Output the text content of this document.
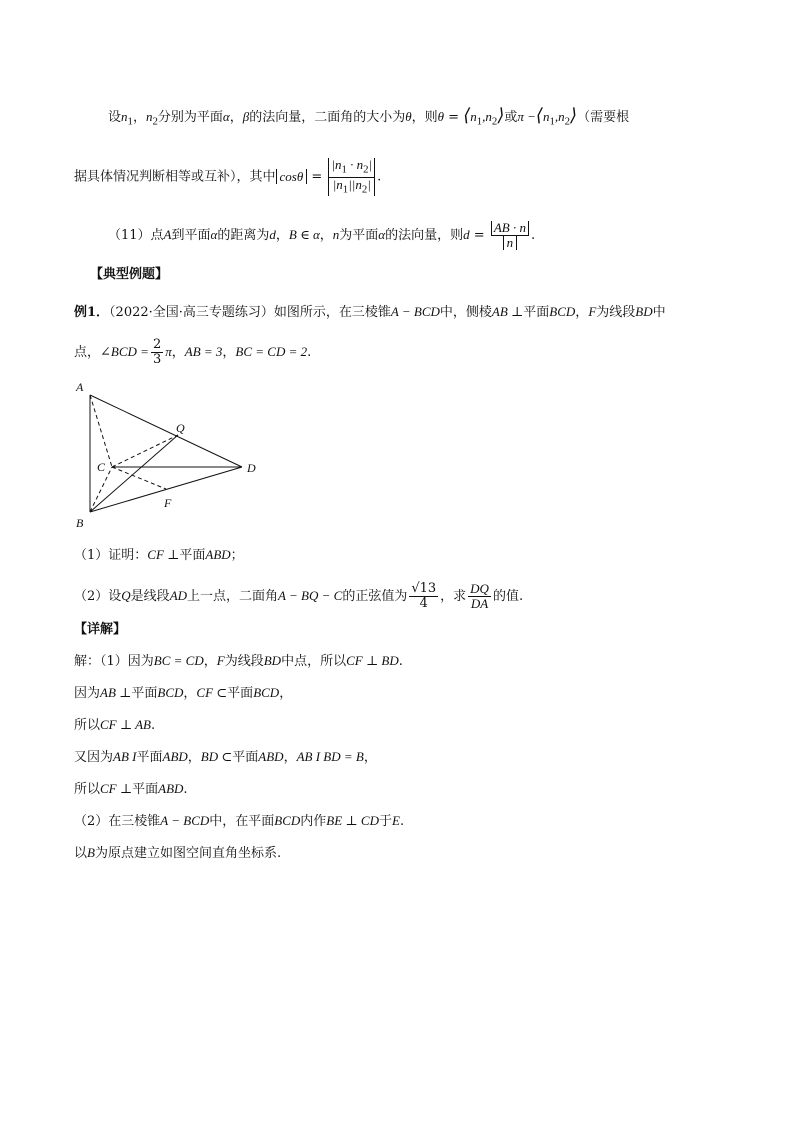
设$n_1$，$n_2$分别为平面α，β的法向量，二面角的大小为θ，则$\theta = ⟨n_1,n_2⟩$或$\pi -⟨n_1,n_2⟩$（需要根
据具体情况判断相等或互补），其中 $\cos\theta = \frac{|n_1 \cdot n_2|}{|n_1||n_2|}$ .
（11）点A到平面α的距离为d，B ∈ α，n为平面α的法向量，则$d = \frac{AB \cdot n}{n}$ .
【典型例题】
例1．（2022·全国·高三专题练习）如图所示，在三棱锥A − BCD中，侧棱AB ⊥平面BCD，F为线段BD中
点，∠BCD = $\frac{2}{3}$ π，AB = 3，BC = CD = 2.
A
B
C	D
F
Q
（1）证明：CF ⊥平面ABD；
（2）设Q是线段AD上一点，二面角A − BQ − C的正弦值为 $\frac{√13}{4}$ ，求 $\frac{DQ}{DA}$ 的值.
【详解】
解：（1）因为BC = CD，F为线段BD中点，所以CF ⊥ BD.
因为AB ⊥平面BCD，CF ⊂平面BCD，
所以CF ⊥ AB.
又因为AB I平面ABD，BD ⊂平面ABD，AB I BD = B，
所以CF ⊥平面ABD.
（2）在三棱锥A − BCD中，在平面BCD内作BE ⊥ CD于E.
以B为原点建立如图空间直角坐标系.
